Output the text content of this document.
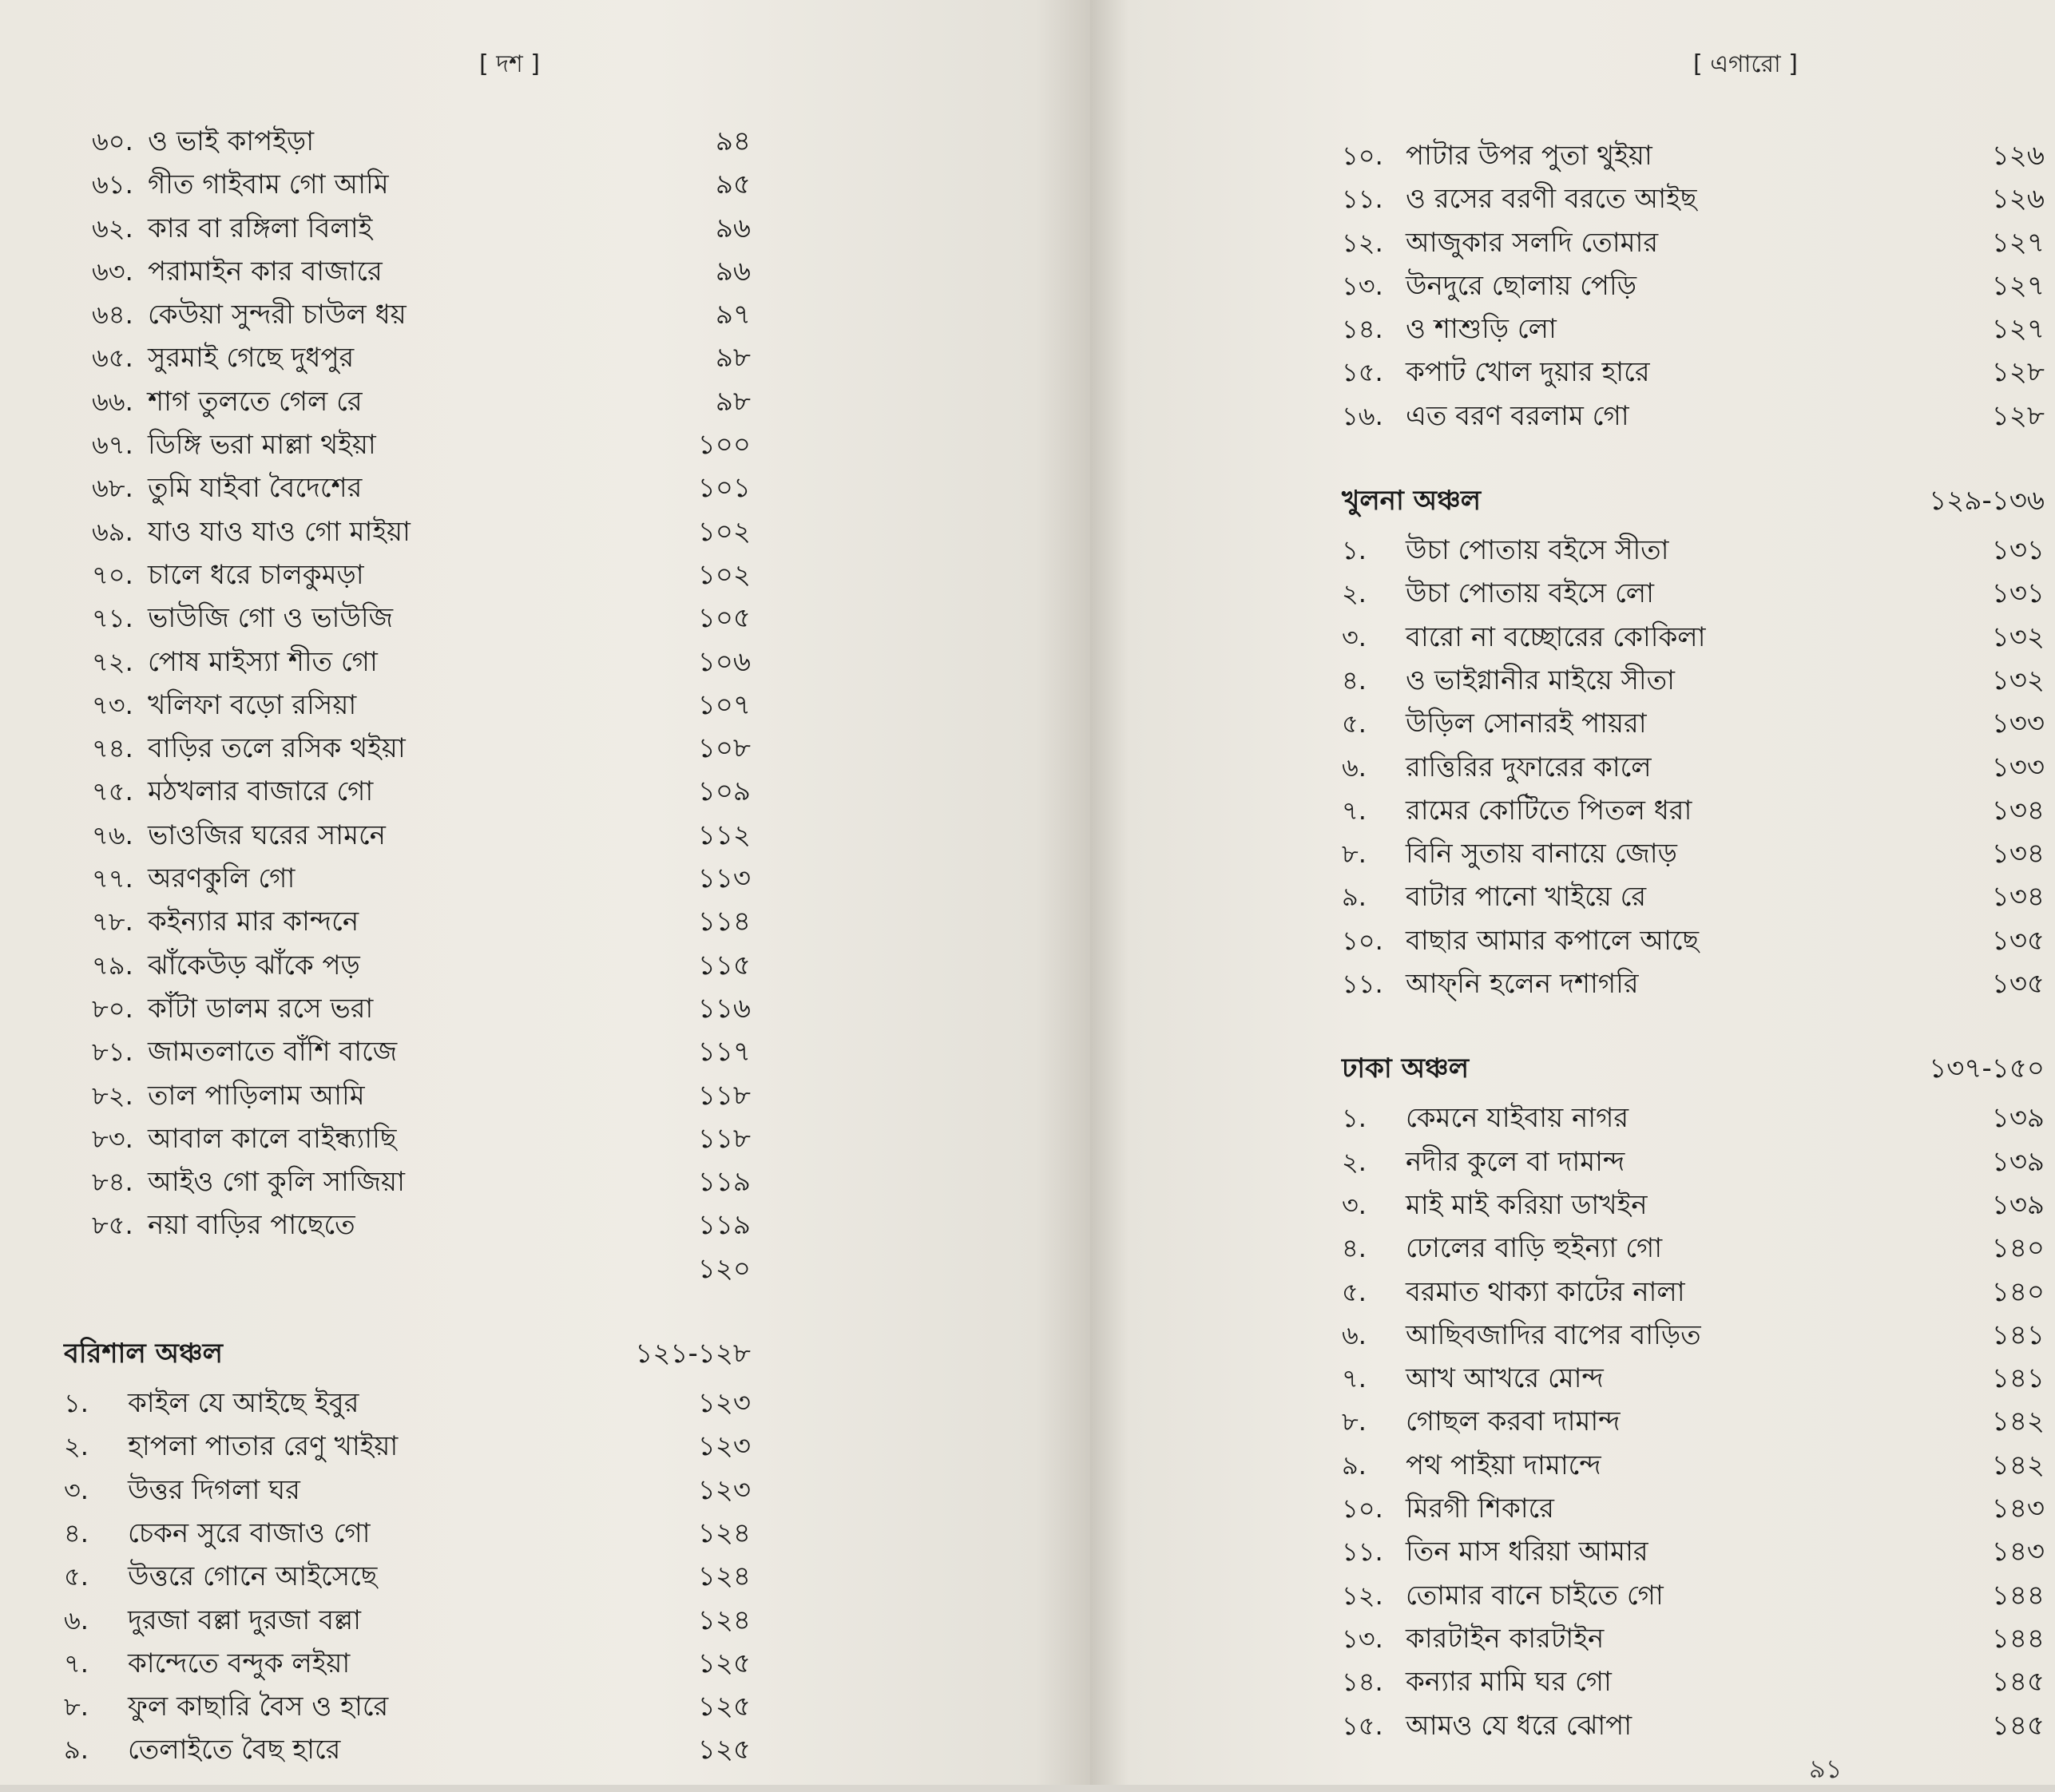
[ দশ ]	[ এগারো ]
৬০. ও ভাই কাপইড়া	৯৪
৬১. গীত গাইবাম গো আমি	৯৫
৬২. কার বা রঙ্গিলা বিলাই	৯৬
৬৩. পরামাইন কার বাজারে	৯৬
৬৪. কেউয়া সুন্দরী চাউল ধয়	৯৭
৬৫. সুরমাই গেছে দুধপুর	৯৮
৬৬. শাগ তুলতে গেল রে	৯৮
৬৭. ডিঙ্গি ভরা মাল্লা থইয়া	১০০
৬৮. তুমি যাইবা বৈদেশের	১০১
৬৯. যাও যাও যাও গো মাইয়া	১০২
৭০. চালে ধরে চালকুমড়া	১০২
৭১. ভাউজি গো ও ভাউজি	১০৫
৭২. পোষ মাইস্যা শীত গো	১০৬
৭৩. খলিফা বড়ো রসিয়া	১০৭
৭৪. বাড়ির তলে রসিক থইয়া	১০৮
৭৫. মঠখলার বাজারে গো	১০৯
৭৬. ভাওজির ঘরের সামনে	১১২
৭৭. অরণকুলি গো	১১৩
৭৮. কইন্যার মার কান্দনে	১১৪
৭৯. ঝাঁকেউড় ঝাঁকে পড়	১১৫
৮০. কাঁটা ডালম রসে ভরা	১১৬
৮১. জামতলাতে বাঁশি বাজে	১১৭
৮২. তাল পাড়িলাম আমি	১১৮
৮৩. আবাল কালে বাইন্ধ্যাছি	১১৮
৮৪. আইও গো কুলি সাজিয়া	১১৯
৮৫. নয়া বাড়ির পাছেতে	১১৯
১২০
বরিশাল অঞ্চল	১২১-১২৮
১. কাইল যে আইছে ইবুর	১২৩
২. হাপলা পাতার রেণু খাইয়া	১২৩
৩. উত্তর দিগলা ঘর	১২৩
৪. চেকন সুরে বাজাও গো	১২৪
৫. উত্তরে গোনে আইসেছে	১২৪
৬. দুরজা বল্লা দুরজা বল্লা	১২৪
৭. কান্দেতে বন্দুক লইয়া	১২৫
৮. ফুল কাছারি বৈস ও হারে	১২৫
৯. তেলাইতে বৈছ হারে	১২৫
১০. পাটার উপর পুতা থুইয়া	১২৬
১১. ও রসের বরণী বরতে আইছ	১২৬
১২. আজুকার সলদি তোমার	১২৭
১৩. উনদুরে ছোলায় পেড়ি	১২৭
১৪. ও শাশুড়ি লো	১২৭
১৫. কপাট খোল দুয়ার হারে	১২৮
১৬. এত বরণ বরলাম গো	১২৮
খুলনা অঞ্চল	১২৯-১৩৬
১. উচা পোতায় বইসে সীতা	১৩১
২. উচা পোতায় বইসে লো	১৩১
৩. বারো না বচ্ছোরের কোকিলা	১৩২
৪. ও ভাইগ্নানীর মাইয়ে সীতা	১৩২
৫. উড়িল সোনারই পায়রা	১৩৩
৬. রাত্তিরির দুফারের কালে	১৩৩
৭. রামের কোটিতে পিতল ধরা	১৩৪
৮. বিনি সুতায় বানায়ে জোড়	১৩৪
৯. বাটার পানো খাইয়ে রে	১৩৪
১০. বাছার আমার কপালে আছে	১৩৫
১১. আফ্‌নি হলেন দশাগরি	১৩৫
ঢাকা অঞ্চল	১৩৭-১৫০
১. কেমনে যাইবায় নাগর	১৩৯
২. নদীর কুলে বা দামান্দ	১৩৯
৩. মাই মাই করিয়া ডাখইন	১৩৯
৪. ঢোলের বাড়ি হুইন্যা গো	১৪০
৫. বরমাত থাক্যা কাটের নালা	১৪০
৬. আছিবজাদির বাপের বাড়িত	১৪১
৭. আখ আখরে মোন্দ	১৪১
৮. গোছল করবা দামান্দ	১৪২
৯. পথ পাইয়া দামান্দে	১৪২
১০. মিরগী শিকারে	১৪৩
১১. তিন মাস ধরিয়া আমার	১৪৩
১২. তোমার বানে চাইতে গো	১৪৪
১৩. কারটাইন কারটাইন	১৪৪
১৪. কন্যার মামি ঘর গো	১৪৫
১৫. আমও যে ধরে ঝোপা	১৪৫
৯১
